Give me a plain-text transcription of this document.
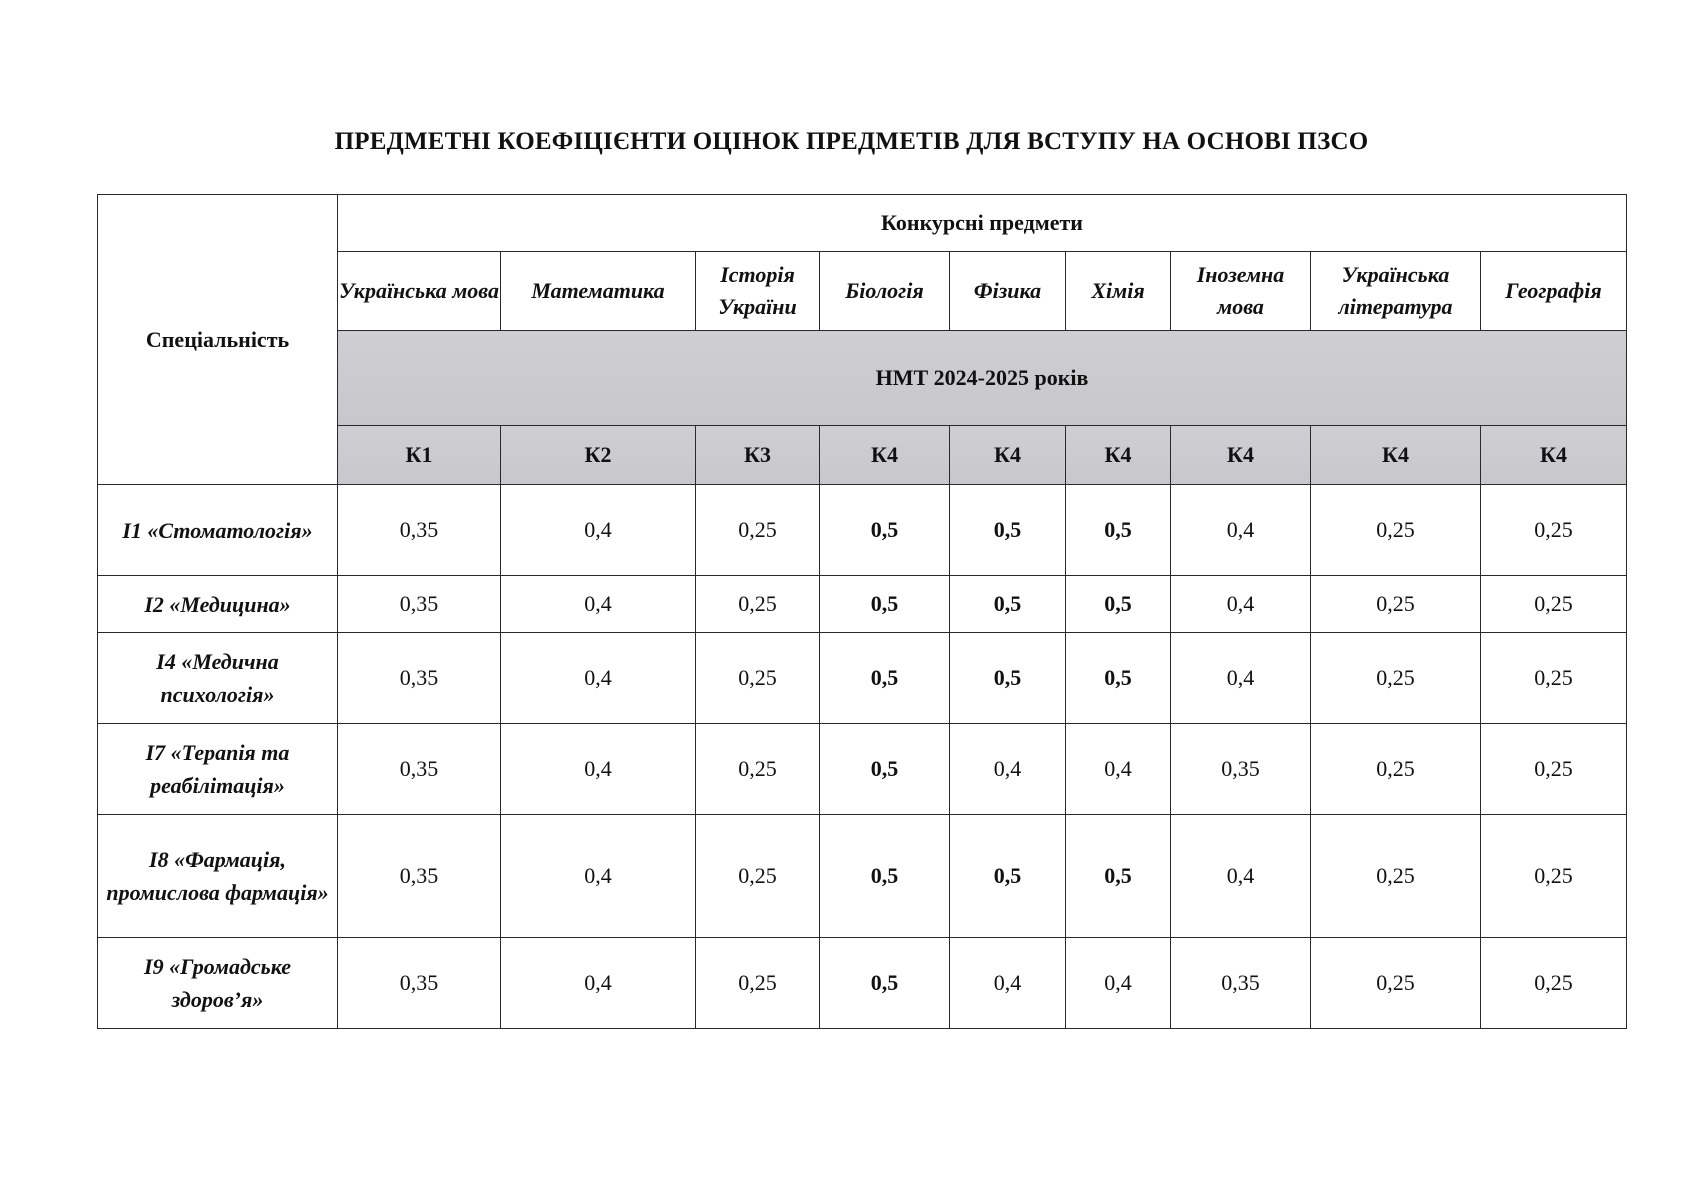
ПРЕДМЕТНІ КОЕФІЦІЄНТИ ОЦІНОК ПРЕДМЕТІВ ДЛЯ ВСТУПУ НА ОСНОВІ ПЗСО
Спеціальність	Конкурсні предмети								
	Українська мова	Математика	Історія України	Біологія	Фізика	Хімія	Іноземна мова	Українська література	Географія
	НМТ 2024-2025 років								
	К1	К2	К3	К4	К4	К4	К4	К4	К4
I1 «Стоматологія»	0,35	0,4	0,25	0,5	0,5	0,5	0,4	0,25	0,25
I2 «Медицина»	0,35	0,4	0,25	0,5	0,5	0,5	0,4	0,25	0,25
I4 «Медична психологія»	0,35	0,4	0,25	0,5	0,5	0,5	0,4	0,25	0,25
I7 «Терапія та реабілітація»	0,35	0,4	0,25	0,5	0,4	0,4	0,35	0,25	0,25
I8 «Фармація, промислова фармація»	0,35	0,4	0,25	0,5	0,5	0,5	0,4	0,25	0,25
I9 «Громадське здоров’я»	0,35	0,4	0,25	0,5	0,4	0,4	0,35	0,25	0,25
